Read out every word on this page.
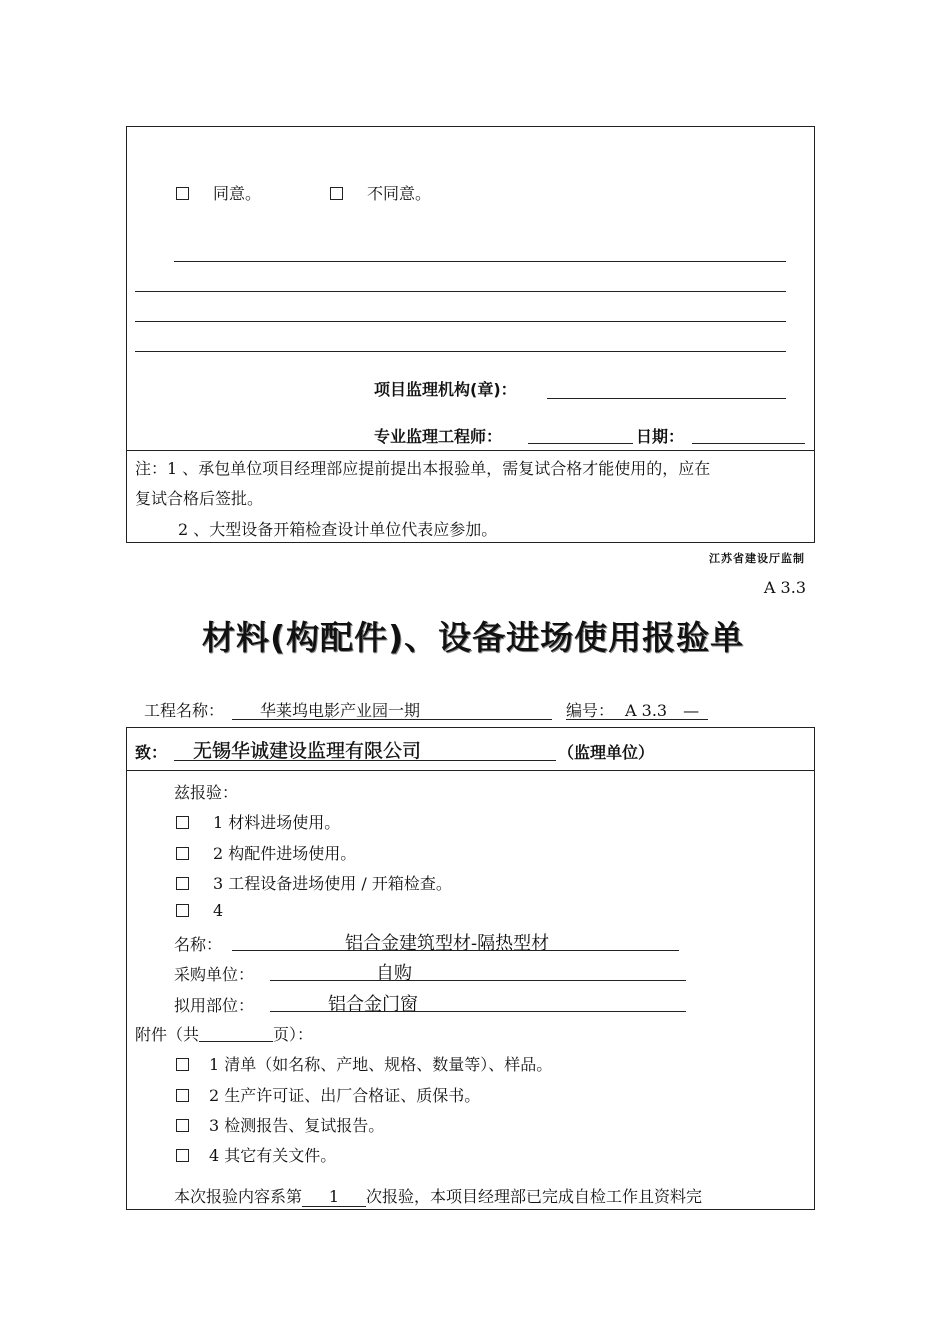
同意。	不同意。
项目监理机构(章)：
专业监理工程师：	日期：
注：1 、承包单位项目经理部应提前提出本报验单，需复试合格才能使用的，应在
复试合格后签批。
2 、大型设备开箱检查设计单位代表应参加。
江苏省建设厅监制
A 3.3
材料(构配件)、设备进场使用报验单
工程名称： 华莱坞电影产业园一期	编号： A 3.3　—
致： 无锡华诚建设监理有限公司	（监理单位）
兹报验：
1 材料进场使用。
2 构配件进场使用。
3 工程设备进场使用 / 开箱检查。
4
名称：	铝合金建筑型材-隔热型材
采购单位：	自购
拟用部位：	铝合金门窗
附件（共	页）：
1 清单（如名称、产地、规格、数量等）、样品。
2 生产许可证、出厂合格证、质保书。
3 检测报告、复试报告。
4 其它有关文件。
本次报验内容系第 1 次报验，本项目经理部已完成自检工作且资料完
